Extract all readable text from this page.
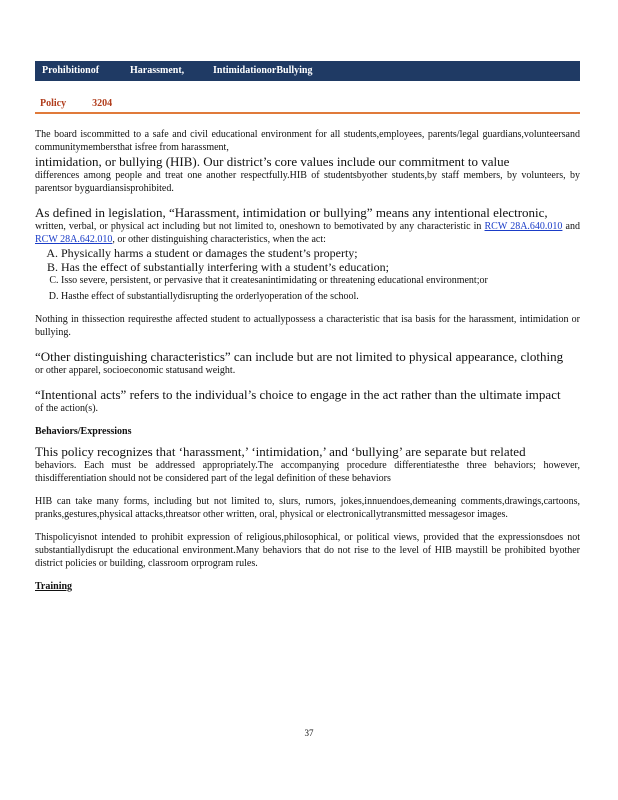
Prohibitionof	Harassment,	IntimidationorBullying
Policy	3204

The board iscommitted to a safe and civil educational environment for all students,employees, parents/legal guardians,volunteersand communitymembersthat isfree from harassment,

intimidation, or bullying (HIB). Our district’s core values include our commitment to value

differences among people and treat one another respectfully.HIB of studentsbyother students,by staff members, by volunteers, by parentsor byguardiansisprohibited.

As defined in legislation, “Harassment, intimidation or bullying” means any intentional electronic,

written, verbal, or physical act including but not limited to, oneshown to bemotivated by any characteristic in RCW 28A.640.010 and RCW 28A.642.010, or other distinguishing characteristics, when the act:

A. Physically harms a student or damages the student’s property;
B. Has the effect of substantially interfering with a student’s education;
C. Isso severe, persistent, or pervasive that it createsanintimidating or threatening educational environment;or
D. Hasthe effect of substantiallydisrupting the orderlyoperation of the school.

Nothing in thissection requiresthe affected student to actuallypossess a characteristic that isa basis for the harassment, intimidation or bullying.

“Other distinguishing characteristics” can include but are not limited to physical appearance, clothing

or other apparel, socioeconomic statusand weight.

“Intentional acts” refers to the individual’s choice to engage in the act rather than the ultimate impact

of the action(s).

Behaviors/Expressions

This policy recognizes that ‘harassment,’ ‘intimidation,’ and ‘bullying’ are separate but related

behaviors. Each must be addressed appropriately.The accompanying procedure differentiatesthe three behaviors; however, thisdifferentiation should not be considered part of the legal definition of these behaviors

HIB can take many forms, including but not limited to, slurs, rumors, jokes,innuendoes,demeaning comments,drawings,cartoons, pranks,gestures,physical attacks,threatsor other written, oral, physical or electronicallytransmitted messagesor images.

Thispolicyisnot intended to prohibit expression of religious,philosophical, or political views, provided that the expressionsdoes not substantiallydisrupt the educational environment.Many behaviors that do not rise to the level of HIB maystill be prohibited byother district policies or building, classroom orprogram rules.

Training

37
